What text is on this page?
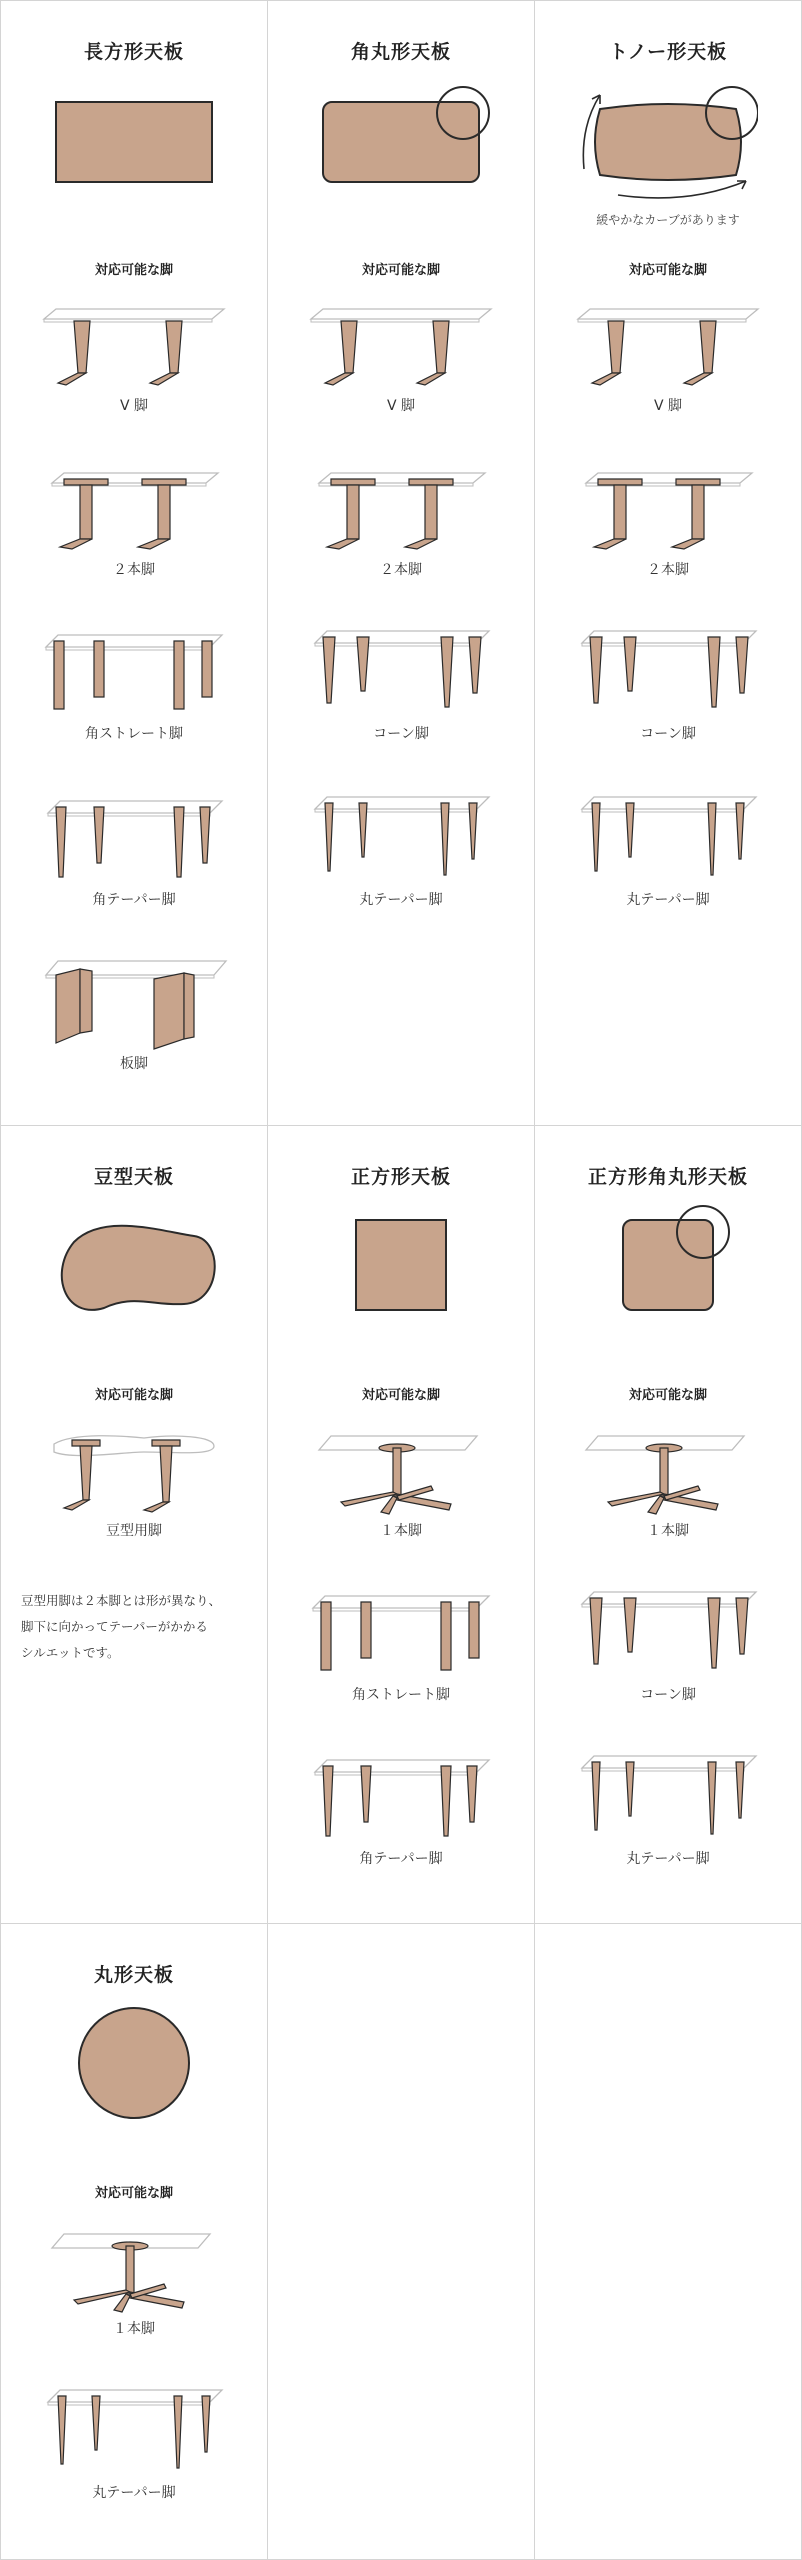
長方形天板
対応可能な脚
V 脚
２本脚
角ストレート脚
角テーパー脚
板脚
角丸形天板
対応可能な脚
V 脚
２本脚
コーン脚
丸テーパー脚
トノー形天板
緩やかなカーブがあります
対応可能な脚
V 脚
２本脚
コーン脚
丸テーパー脚
豆型天板
対応可能な脚
豆型用脚
豆型用脚は２本脚とは形が異なり、
脚下に向かってテーパーがかかる
シルエットです。
正方形天板
対応可能な脚
１本脚
角ストレート脚
角テーパー脚
正方形角丸形天板
対応可能な脚
１本脚
コーン脚
丸テーパー脚
丸形天板
対応可能な脚
１本脚
丸テーパー脚
